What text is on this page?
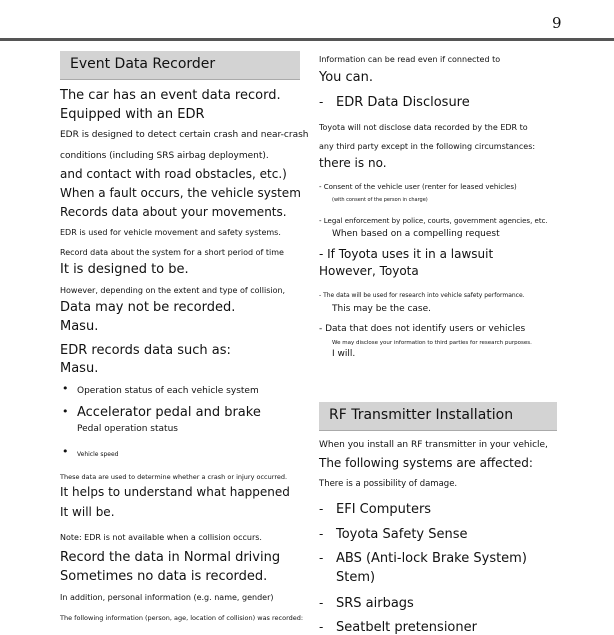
9
Event Data Recorder
The car has an event data record.
Equipped with an EDR
EDR is designed to detect certain crash and near-crash
conditions (including SRS airbag deployment).
and contact with road obstacles, etc.)
When a fault occurs, the vehicle system
Records data about your movements.
EDR is used for vehicle movement and safety systems.
Record data about the system for a short period of time
It is designed to be.
However, depending on the extent and type of collision,
Data may not be recorded.
Masu.
EDR records data such as:
Masu.
• Operation status of each vehicle system
• Accelerator pedal and brake
Pedal operation status
• Vehicle speed
These data are used to determine whether a crash or injury occurred.
It helps to understand what happened
It will be.
Note: EDR is not available when a collision occurs.
Record the data in Normal driving
Sometimes no data is recorded.
In addition, personal information (e.g. name, gender)
The following information (person, age, location of collision) was recorded:
Information can be read even if connected to
You can.
- EDR Data Disclosure
Toyota will not disclose data recorded by the EDR to
any third party except in the following circumstances:
there is no.
- Consent of the vehicle user (renter for leased vehicles)
(with consent of the person in charge)
- Legal enforcement by police, courts, government agencies, etc.
When based on a compelling request
- If Toyota uses it in a lawsuit
However, Toyota
- The data will be used for research into vehicle safety performance.
This may be the case.
- Data that does not identify users or vehicles
We may disclose your information to third parties for research purposes.
I will.
RF Transmitter Installation
When you install an RF transmitter in your vehicle,
The following systems are affected:
There is a possibility of damage.
- EFI Computers
- Toyota Safety Sense
- ABS (Anti-lock Brake System)
Stem)
- SRS airbags
- Seatbelt pretensioner
